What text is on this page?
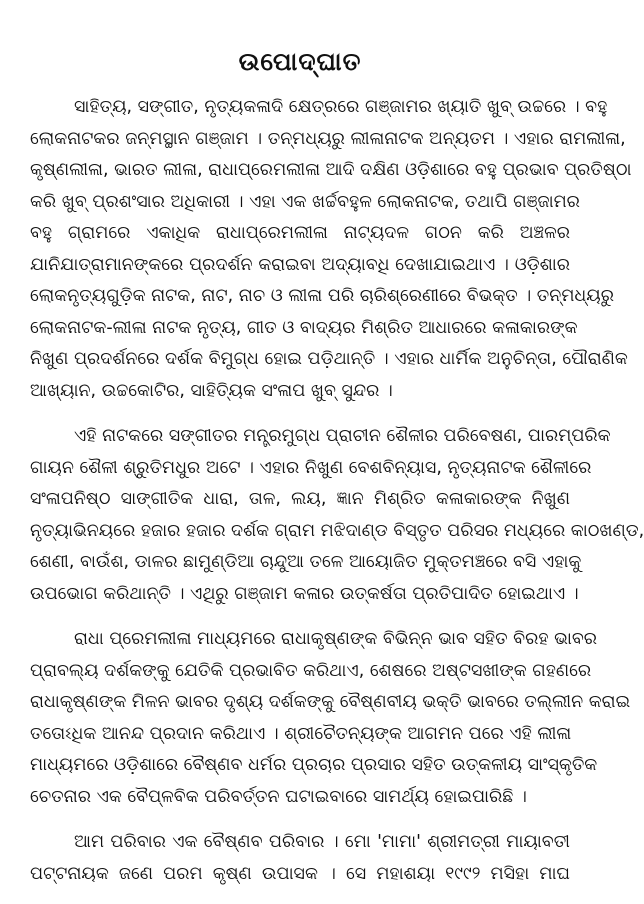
ଉପୋଦ୍‌ଘାତ
ସାହିତ୍ୟ, ସଙ୍ଗୀତ, ନୃତ୍ୟକଳାଦି କ୍ଷେତ୍ରରେ ଗଞ୍ଜାମର ଖ୍ୟାତି ଖୁବ୍ ଉଚ୍ଚରେ । ବହୁ
ଲୋକନାଟକର ଜନ୍ମସ୍ଥାନ ଗଞ୍ଜାମ । ତନ୍ମଧ୍ୟରୁ ଲୀଳାନାଟକ ଅନ୍ୟତମ । ଏହାର ରାମଲୀଳା,
କୃଷ୍ଣଲୀଳା, ଭାରତ ଲୀଳା, ରାଧାପ୍ରେମଲୀଳା ଆଦି ଦକ୍ଷିଣ ଓଡ଼ିଶାରେ ବହୁ ପ୍ରଭାବ ପ୍ରତିଷ୍ଠା
କରି ଖୁବ୍ ପ୍ରଶଂସାର ଅଧିକାରୀ । ଏହା ଏକ ଖର୍ଚ୍ଚବହୁଳ ଲୋକନାଟକ, ତଥାପି ଗଞ୍ଜାମର
ବହୁ ଗ୍ରାମରେ ଏକାଧିକ ରାଧାପ୍ରେମଲୀଳା ନାଟ୍ୟଦଳ ଗଠନ କରି ଅଞ୍ଚଳର
ଯାନିଯାତ୍ରାମାନଙ୍କରେ ପ୍ରଦର୍ଶନ କରାଇବା ଅଦ୍ୟାବଧି ଦେଖାଯାଇଥାଏ । ଓଡ଼ିଶାର
ଲୋକନୃତ୍ୟଗୁଡ଼ିକ ନାଟକ, ନାଟ, ନାଚ ଓ ଲୀଳା ପରି ଚାରିଶ୍ରେଣୀରେ ବିଭକ୍ତ । ତନ୍ମଧ୍ୟରୁ
ଲୋକନାଟକ-ଲୀଳା ନାଟକ ନୃତ୍ୟ, ଗୀତ ଓ ବାଦ୍ୟର ମିଶ୍ରିତ ଆଧାରରେ କଳାକାରଙ୍କ
ନିଖୁଣ ପ୍ରଦର୍ଶନରେ ଦର୍ଶକ ବିମୁଗ୍ଧ ହୋଇ ପଡ଼ିଥାନ୍ତି । ଏହାର ଧାର୍ମିକ ଅନୁଚିନ୍ତା, ପୌରାଣିକ
ଆଖ୍ୟାନ, ଉଚ୍ଚକୋଟିର, ସାହିତ୍ୟିକ ସଂଳାପ ଖୁବ୍ ସୁନ୍ଦର ।
ଏହି ନାଟକରେ ସଙ୍ଗୀତର ମନ୍ତ୍ରମୁଗ୍ଧ ପ୍ରାଚୀନ ଶୈଳୀର ପରିବେଷଣ, ପାରମ୍ପରିକ
ଗାୟନ ଶୈଳୀ ଶ୍ରୁତିମଧୁର ଅଟେ । ଏହାର ନିଖୁଣ ବେଶବିନ୍ୟାସ, ନୃତ୍ୟନାଟକ ଶୈଳୀରେ
ସଂଳାପନିଷ୍ଠ ସାଙ୍ଗୀତିକ ଧାରା, ତାଳ, ଲୟ, ଜ୍ଞାନ ମିଶ୍ରିତ କଳାକାରଙ୍କ ନିଖୁଣ
ନୃତ୍ୟାଭିନୟରେ ହଜାର ହଜାର ଦର୍ଶକ ଗ୍ରାମ ମଝିଦାଣ୍ଡ ବିସ୍ତୃତ ପରିସର ମଧ୍ୟରେ କାଠଖଣ୍ଡ,
ଶେଣୀ, ବାଉଁଶ, ଡାଳର ଛାମୁଣ୍ଡିଆ ଚାନ୍ଦୁଆ ତଳେ ଆୟୋଜିତ ମୁକ୍ତମଞ୍ଚରେ ବସି ଏହାକୁ
ଉପଭୋଗ କରିଥାନ୍ତି । ଏଥିରୁ ଗଞ୍ଜାମ କଳାର ଉତ୍କର୍ଷତା ପ୍ରତିପାଦିତ ହୋଇଥାଏ ।
ରାଧା ପ୍ରେମଲୀଳା ମାଧ୍ୟମରେ ରାଧାକୃଷ୍ଣଙ୍କ ବିଭିନ୍ନ ଭାବ ସହିତ ବିରହ ଭାବର
ପ୍ରାବଲ୍ୟ ଦର୍ଶକଙ୍କୁ ଯେତିକି ପ୍ରଭାବିତ କରିଥାଏ, ଶେଷରେ ଅଷ୍ଟସଖୀଙ୍କ ଗହଣରେ
ରାଧାକୃଷ୍ଣଙ୍କ ମିଳନ ଭାବର ଦୃଶ୍ୟ ଦର୍ଶକଙ୍କୁ ବୈଷ୍ଣବୀୟ ଭକ୍ତି ଭାବରେ ତଲ୍ଲୀନ କରାଇ
ତତୋଽଧିକ ଆନନ୍ଦ ପ୍ରଦାନ କରିଥାଏ । ଶ୍ରୀଚୈତନ୍ୟଙ୍କ ଆଗମନ ପରେ ଏହି ଲୀଳା
ମାଧ୍ୟମରେ ଓଡ଼ିଶାରେ ବୈଷ୍ଣବ ଧର୍ମର ପ୍ରଚାର ପ୍ରସାର ସହିତ ଉତ୍କଳୀୟ ସାଂସ୍କୃତିକ
ଚେତନାର ଏକ ବୈପ୍ଳବିକ ପରିବର୍ତ୍ତନ ଘଟାଇବାରେ ସାମର୍ଥ୍ୟ ହୋଇପାରିଛି ।
ଆମ ପରିବାର ଏକ ବୈଷ୍ଣବ ପରିବାର । ମୋ 'ମାମା' ଶ୍ରୀମତ୍ରୀ ମାୟାବତୀ
ପଟ୍ଟନାୟକ ଜଣେ ପରମ କୃଷ୍ଣ ଉପାସକ । ସେ ମହାଶୟା ୧୯୯୨ ମସିହା ମାଘ
